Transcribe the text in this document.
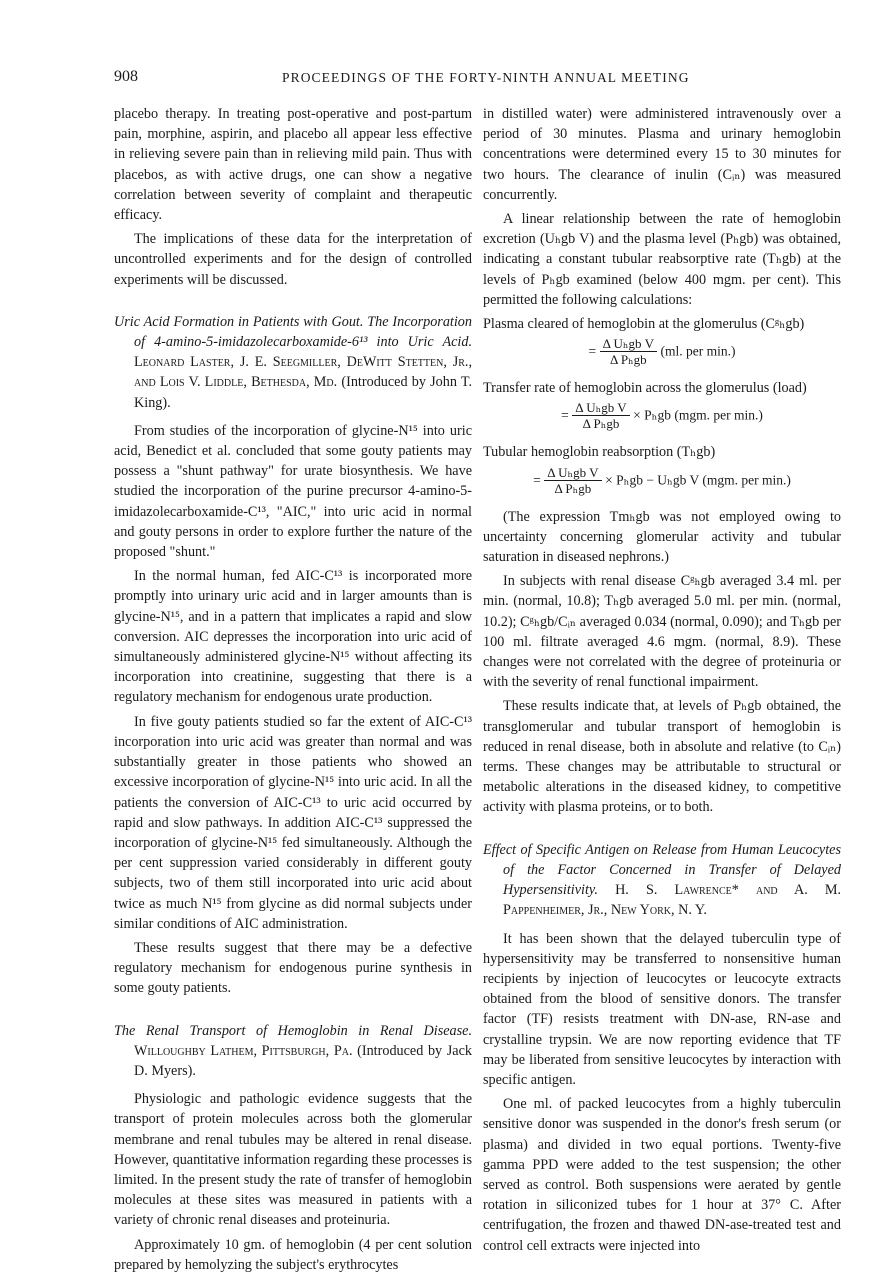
908	PROCEEDINGS OF THE FORTY-NINTH ANNUAL MEETING

placebo therapy. In treating post-operative and post-partum pain, morphine, aspirin, and placebo all appear less effective in relieving severe pain than in relieving mild pain. Thus with placebos, as with active drugs, one can show a negative correlation between severity of complaint and therapeutic efficacy.

The implications of these data for the interpretation of uncontrolled experiments and for the design of controlled experiments will be discussed.

Uric Acid Formation in Patients with Gout. The Incorporation of 4-amino-5-imidazolecarboxamide-6¹³ into Uric Acid. Leonard Laster, J. E. Seegmiller, DeWitt Stetten, Jr., and Lois V. Liddle, Bethesda, Md. (Introduced by John T. King).

From studies of the incorporation of glycine-N¹⁵ into uric acid, Benedict et al. concluded that some gouty patients may possess a "shunt pathway" for urate biosynthesis. We have studied the incorporation of the purine precursor 4-amino-5-imidazolecarboxamide-C¹³, "AIC," into uric acid in normal and gouty persons in order to explore further the nature of the proposed "shunt."

In the normal human, fed AIC-C¹³ is incorporated more promptly into urinary uric acid and in larger amounts than is glycine-N¹⁵, and in a pattern that implicates a rapid and slow conversion. AIC depresses the incorporation into uric acid of simultaneously administered glycine-N¹⁵ without affecting its incorporation into creatinine, suggesting that there is a regulatory mechanism for endogenous urate production.

In five gouty patients studied so far the extent of AIC-C¹³ incorporation into uric acid was greater than normal and was substantially greater in those patients who showed an excessive incorporation of glycine-N¹⁵ into uric acid. In all the patients the conversion of AIC-C¹³ to uric acid occurred by rapid and slow pathways. In addition AIC-C¹³ suppressed the incorporation of glycine-N¹⁵ fed simultaneously. Although the per cent suppression varied considerably in different gouty subjects, two of them still incorporated into uric acid about twice as much N¹⁵ from glycine as did normal subjects under similar conditions of AIC administration.

These results suggest that there may be a defective regulatory mechanism for endogenous purine synthesis in some gouty patients.

The Renal Transport of Hemoglobin in Renal Disease. Willoughby Lathem, Pittsburgh, Pa. (Introduced by Jack D. Myers).

Physiologic and pathologic evidence suggests that the transport of protein molecules across both the glomerular membrane and renal tubules may be altered in renal disease. However, quantitative information regarding these processes is limited. In the present study the rate of transfer of hemoglobin molecules at these sites was measured in patients with a variety of chronic renal diseases and proteinuria.

Approximately 10 gm. of hemoglobin (4 per cent solution prepared by hemolyzing the subject's erythrocytes

in distilled water) were administered intravenously over a period of 30 minutes. Plasma and urinary hemoglobin concentrations were determined every 15 to 30 minutes for two hours. The clearance of inulin (Cᵢₙ) was measured concurrently.

A linear relationship between the rate of hemoglobin excretion (Uₕgb V) and the plasma level (Pₕgb) was obtained, indicating a constant tubular reabsorptive rate (Tₕgb) at the levels of Pₕgb examined (below 400 mgm. per cent). This permitted the following calculations:

Plasma cleared of hemoglobin at the glomerulus (Cᵍₕgb)

= $\frac{\text{Δ Uₕgb V}}{\text{Δ Pₕgb}} (ml$. per min.)

Transfer rate of hemoglobin across the glomerulus (load)

= $\frac{\text{Δ Uₕgb V}}{\text{Δ Pₕgb}} \times P_hgb$ (mgm. per min.)

Tubular hemoglobin reabsorption (Tₕgb)

= $\frac{\text{Δ Uₕgb V}}{\text{Δ Pₕgb}} \times P_hgb - U_hgb$ V (mgm. per min.)

(The expression Tmₕgb was not employed owing to uncertainty concerning glomerular activity and tubular saturation in diseased nephrons.)

In subjects with renal disease Cᵍₕgb averaged 3.4 ml. per min. (normal, 10.8); Tₕgb averaged 5.0 ml. per min. (normal, 10.2); Cᵍₕgb/Cᵢₙ averaged 0.034 (normal, 0.090); and Tₕgb per 100 ml. filtrate averaged 4.6 mgm. (normal, 8.9). These changes were not correlated with the degree of proteinuria or with the severity of renal functional impairment.

These results indicate that, at levels of Pₕgb obtained, the transglomerular and tubular transport of hemoglobin is reduced in renal disease, both in absolute and relative (to Cᵢₙ) terms. These changes may be attributable to structural or metabolic alterations in the diseased kidney, to competitive activity with plasma proteins, or to both.

Effect of Specific Antigen on Release from Human Leucocytes of the Factor Concerned in Transfer of Delayed Hypersensitivity. H. S. Lawrence* and A. M. Pappenheimer, Jr., New York, N. Y.

It has been shown that the delayed tuberculin type of hypersensitivity may be transferred to nonsensitive human recipients by injection of leucocytes or leucocyte extracts obtained from the blood of sensitive donors. The transfer factor (TF) resists treatment with DN-ase, RN-ase and crystalline trypsin. We are now reporting evidence that TF may be liberated from sensitive leucocytes by interaction with specific antigen.

One ml. of packed leucocytes from a highly tuberculin sensitive donor was suspended in the donor's fresh serum (or plasma) and divided in two equal portions. Twenty-five gamma PPD were added to the test suspension; the other served as control. Both suspensions were aerated by gentle rotation in siliconized tubes for 1 hour at 37° C. After centrifugation, the frozen and thawed DN-ase-treated test and control cell extracts were injected into
